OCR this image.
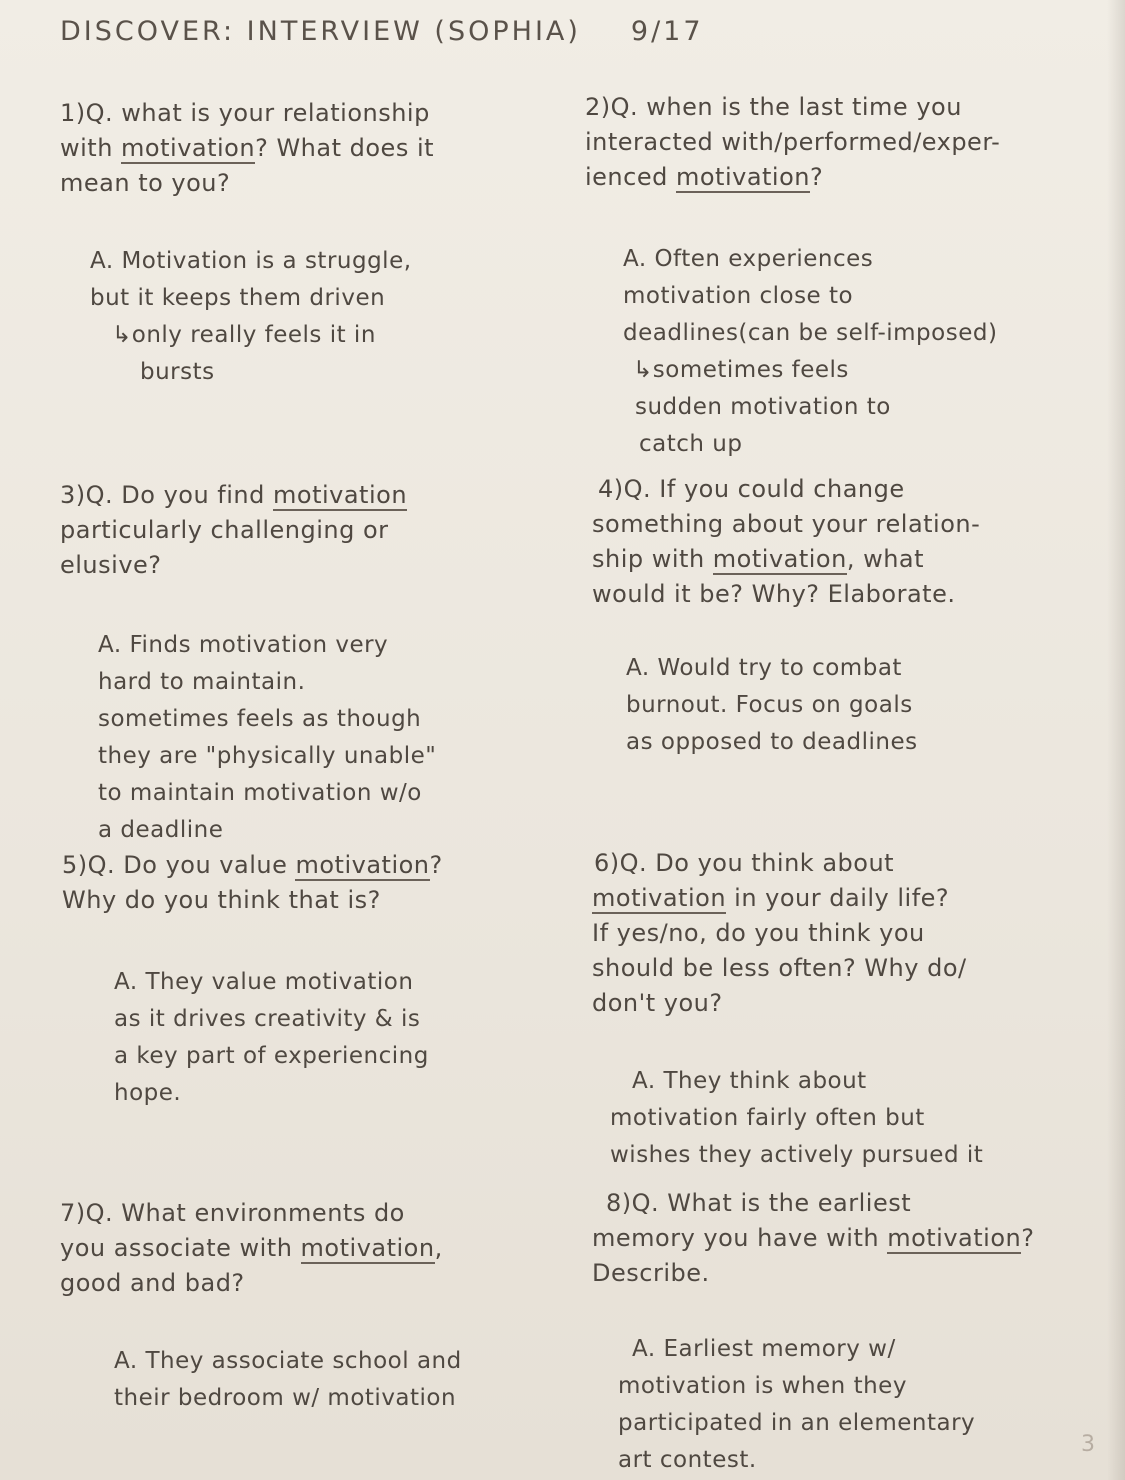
DISCOVER: INTERVIEW (SOPHIA) 9/17
1)Q. what is your relationship
with motivation? What does it
mean to you?
A. Motivation is a struggle,
but it keeps them driven
↳only really feels it in
bursts
2)Q. when is the last time you
interacted with/performed/exper-
ienced motivation?
A. Often experiences
motivation close to
deadlines(can be self-imposed)
↳sometimes feels
sudden motivation to
catch up
3)Q. Do you find motivation
particularly challenging or
elusive?
A. Finds motivation very
hard to maintain.
sometimes feels as though
they are "physically unable"
to maintain motivation w/o
a deadline
4)Q. If you could change
something about your relation-
ship with motivation, what
would it be? Why? Elaborate.
A. Would try to combat
burnout. Focus on goals
as opposed to deadlines
5)Q. Do you value motivation?
Why do you think that is?
A. They value motivation
as it drives creativity & is
a key part of experiencing
hope.
6)Q. Do you think about
motivation in your daily life?
If yes/no, do you think you
should be less often? Why do/
don't you?
A. They think about
motivation fairly often but
wishes they actively pursued it
7)Q. What environments do
you associate with motivation,
good and bad?
A. They associate school and
their bedroom w/ motivation
8)Q. What is the earliest
memory you have with motivation?
Describe.
A. Earliest memory w/
motivation is when they
participated in an elementary
art contest.
3
